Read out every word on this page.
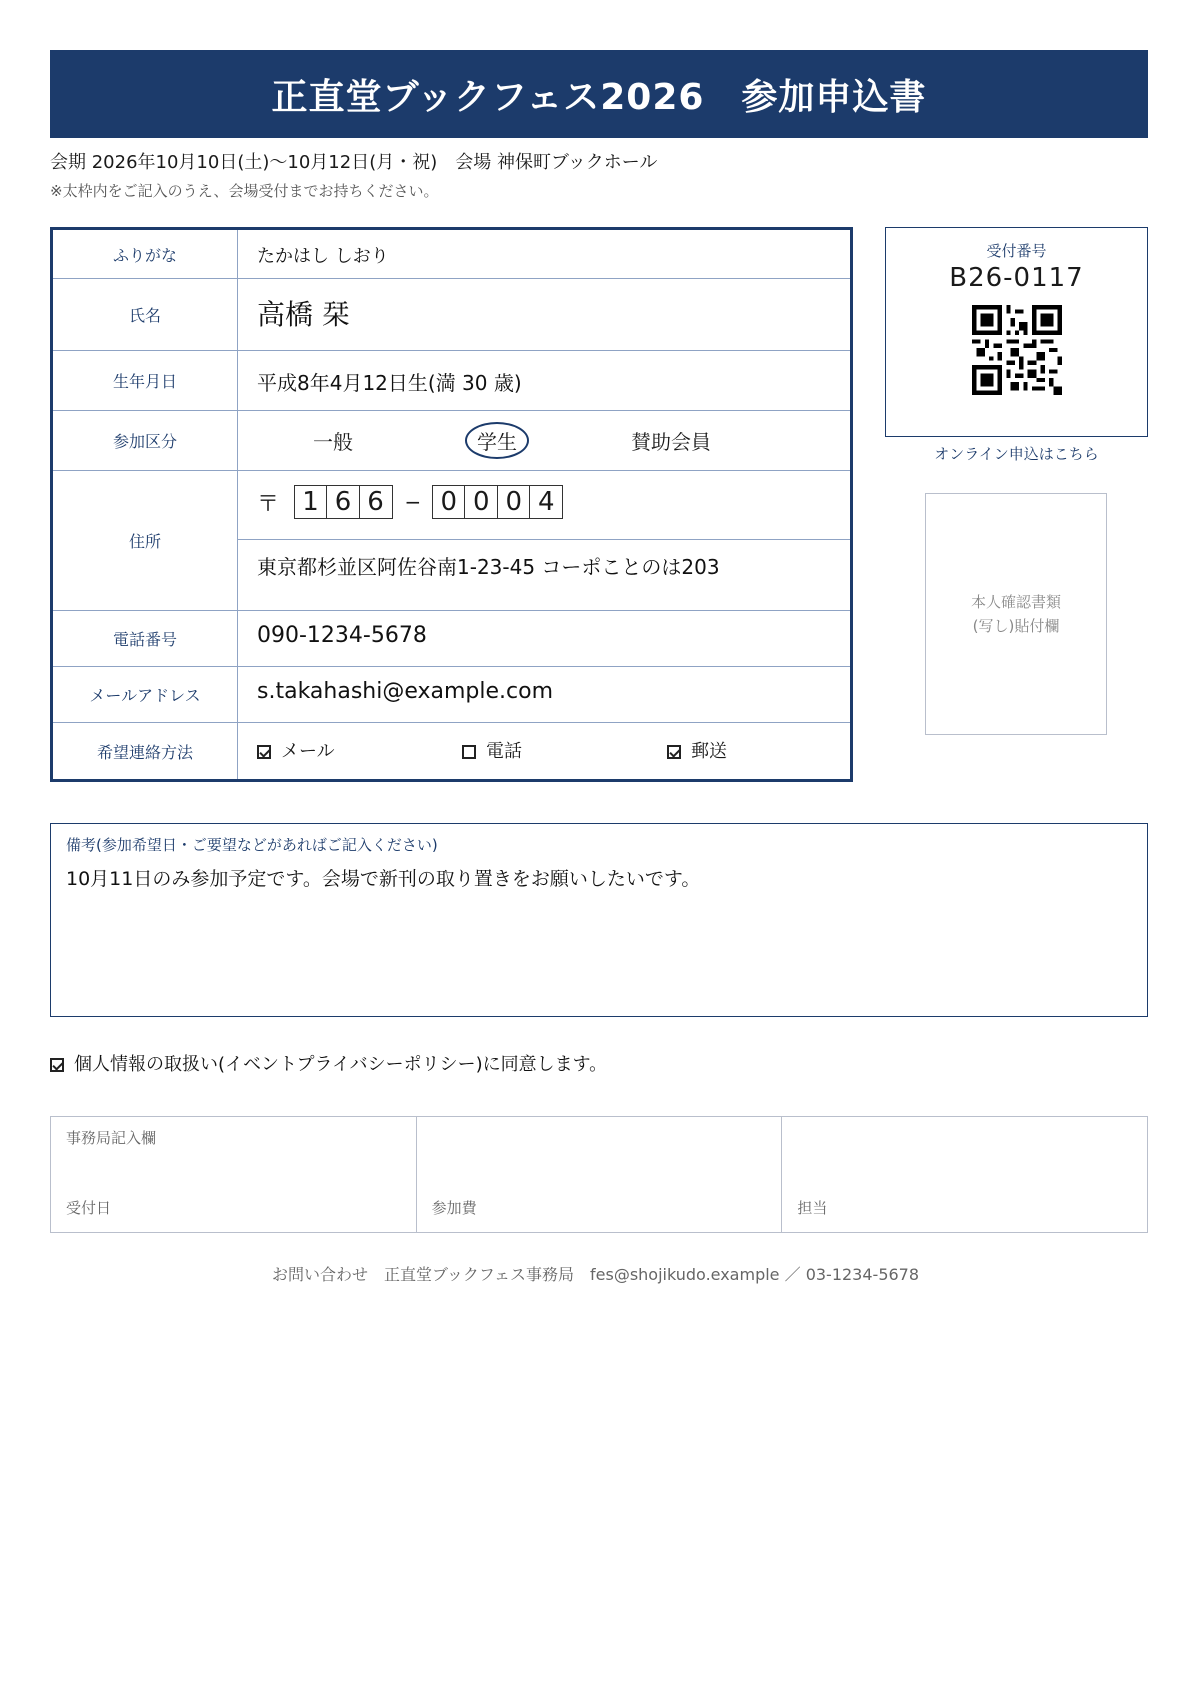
正直堂ブックフェス2026　参加申込書
会期 2026年10月10日(土)〜10月12日(月・祝)　会場 神保町ブックホール
※太枠内をご記入のうえ、会場受付までお持ちください。
ふりがな	たかはし しおり
氏名	高橋 栞
生年月日	平成8年4月12日生(満 30 歳)
参加区分	一般	学生	賛助会員
住所
〒 1 6 6	− 0 0 0 4
東京都杉並区阿佐谷南1-23-45 コーポことのは203
電話番号	090-1234-5678
メールアドレス	s.takahashi@example.com
希望連絡方法	メール	電話	郵送
受付番号
B26-0117
オンライン申込はこちら
本人確認書類
(写し)貼付欄
備考(参加希望日・ご要望などがあればご記入ください)
10月11日のみ参加予定です。会場で新刊の取り置きをお願いしたいです。
個人情報の取扱い(イベントプライバシーポリシー)に同意します。
事務局記入欄
受付日	参加費	担当
お問い合わせ　正直堂ブックフェス事務局　fes@shojikudo.example ／ 03-1234-5678
